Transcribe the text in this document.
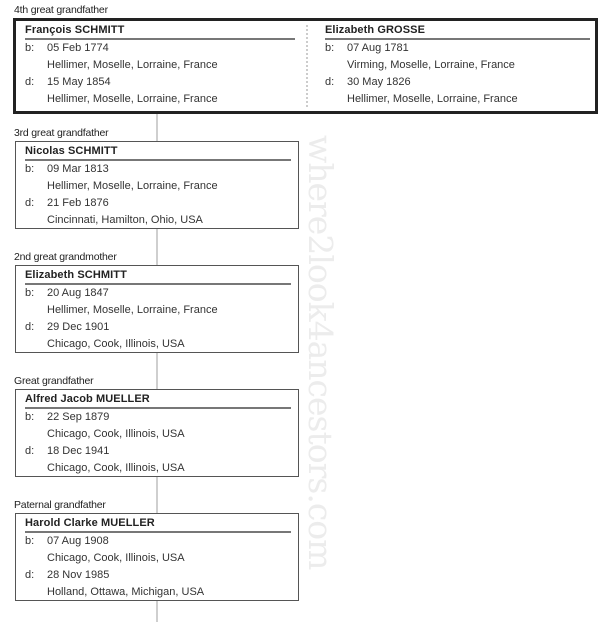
where2look4ancestors.com
4th great grandfather
François SCHMITT
b:	05 Feb 1774
Hellimer, Moselle, Lorraine, France
d:	15 May 1854
Hellimer, Moselle, Lorraine, France
Elizabeth GROSSE
b:	07 Aug 1781
Virming, Moselle, Lorraine, France
d:	30 May 1826
Hellimer, Moselle, Lorraine, France
3rd great grandfather
Nicolas SCHMITT
b:	09 Mar 1813
Hellimer, Moselle, Lorraine, France
d:	21 Feb 1876
Cincinnati, Hamilton, Ohio, USA
2nd great grandmother
Elizabeth SCHMITT
b:	20 Aug 1847
Hellimer, Moselle, Lorraine, France
d:	29 Dec 1901
Chicago, Cook, Illinois, USA
Great grandfather
Alfred Jacob MUELLER
b:	22 Sep 1879
Chicago, Cook, Illinois, USA
d:	18 Dec 1941
Chicago, Cook, Illinois, USA
Paternal grandfather
Harold Clarke MUELLER
b:	07 Aug 1908
Chicago, Cook, Illinois, USA
d:	28 Nov 1985
Holland, Ottawa, Michigan, USA
